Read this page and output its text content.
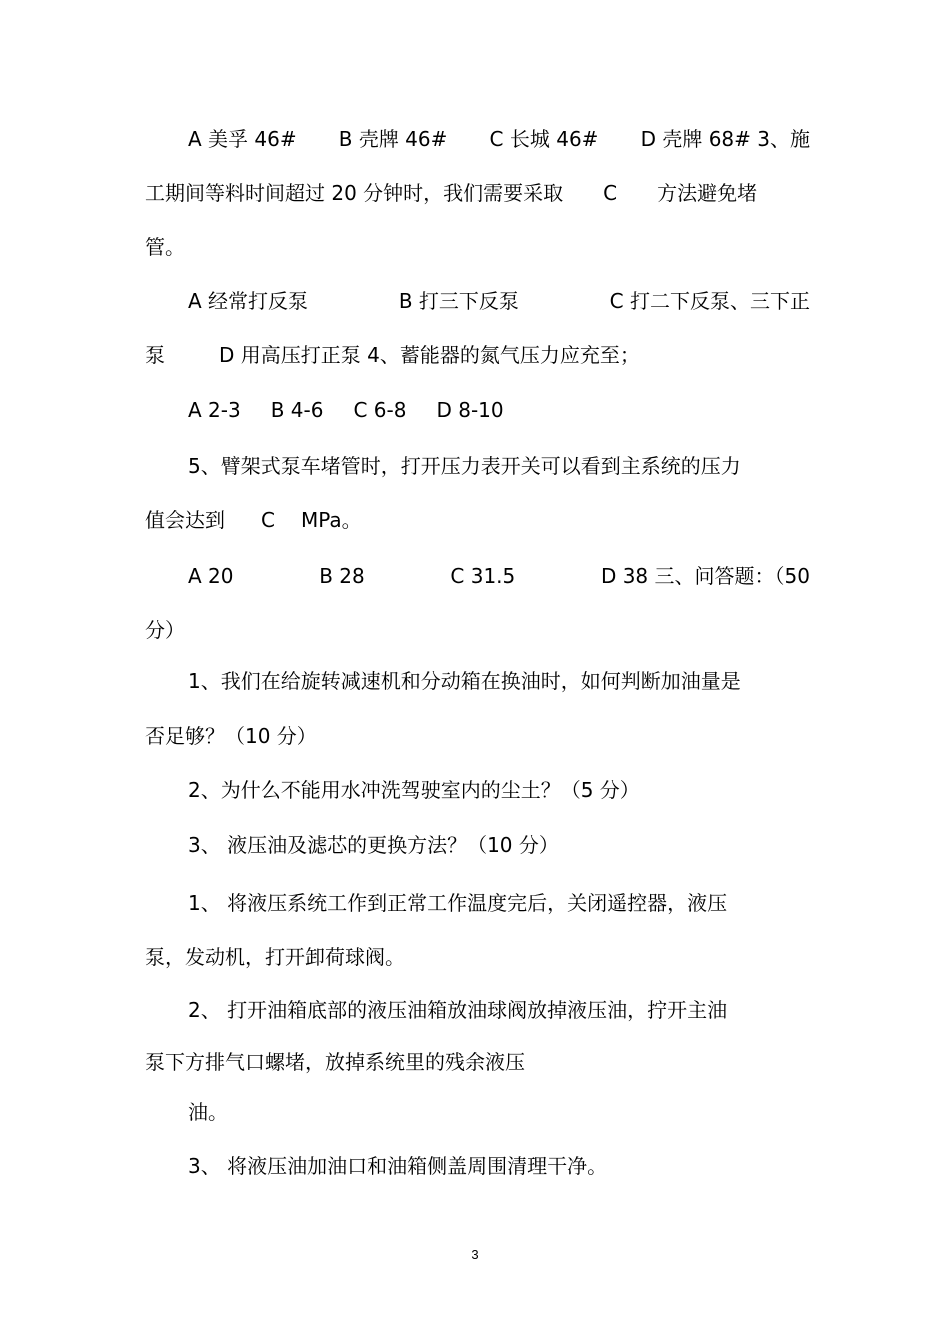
A 美孚 46# B 壳牌 46# C 长城 46# D 壳牌 68# 3、施
工期间等料时间超过 20 分钟时，我们需要采取 C 方法避免堵
管。
A 经常打反泵	B 打三下反泵	C 打二下反泵、三下正
泵	D 用高压打正泵 4、蓄能器的氮气压力应充至；
A 2-3 B 4-6 C 6-8 D 8-10
5、臂架式泵车堵管时，打开压力表开关可以看到主系统的压力
值会达到 C MPa。
A 20	B 28	C 31.5	D 38 三、问答题：（50
分）
1、我们在给旋转减速机和分动箱在换油时，如何判断加油量是
否足够？（10 分）
2、为什么不能用水冲洗驾驶室内的尘土？（5 分）
3、 液压油及滤芯的更换方法？（10 分）
1、 将液压系统工作到正常工作温度完后，关闭遥控器，液压
泵，发动机，打开卸荷球阀。
2、 打开油箱底部的液压油箱放油球阀放掉液压油，拧开主油
泵下方排气口螺堵，放掉系统里的残余液压
油。
3、 将液压油加油口和油箱侧盖周围清理干净。
3
